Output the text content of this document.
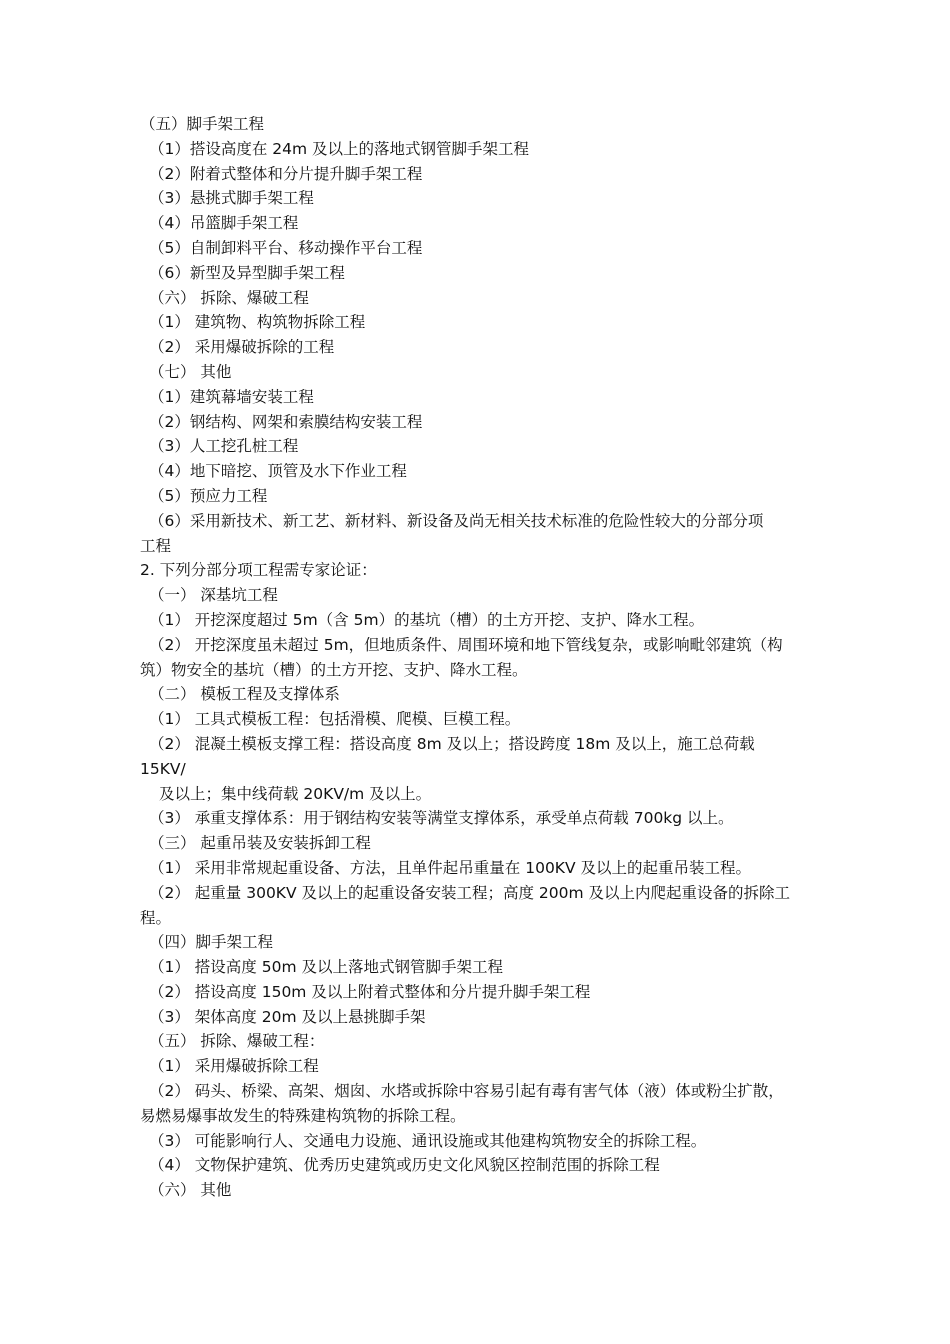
（五）脚手架工程
（1）搭设高度在 24m 及以上的落地式钢管脚手架工程
（2）附着式整体和分片提升脚手架工程
（3）悬挑式脚手架工程
（4）吊篮脚手架工程
（5）自制卸料平台、移动操作平台工程
（6）新型及异型脚手架工程
（六） 拆除、爆破工程
（1） 建筑物、构筑物拆除工程
（2） 采用爆破拆除的工程
（七） 其他
（1）建筑幕墙安装工程
（2）钢结构、网架和索膜结构安装工程
（3）人工挖孔桩工程
（4）地下暗挖、顶管及水下作业工程
（5）预应力工程
（6）采用新技术、新工艺、新材料、新设备及尚无相关技术标准的危险性较大的分部分项
工程
2. 下列分部分项工程需专家论证：
（一） 深基坑工程
（1） 开挖深度超过 5m（含 5m）的基坑（槽）的土方开挖、支护、降水工程。
（2） 开挖深度虽未超过 5m，但地质条件、周围环境和地下管线复杂，或影响毗邻建筑（构
筑）物安全的基坑（槽）的土方开挖、支护、降水工程。
（二） 模板工程及支撑体系
（1） 工具式模板工程：包括滑模、爬模、巨模工程。
（2） 混凝土模板支撑工程：搭设高度 8m 及以上；搭设跨度 18m 及以上，施工总荷载
15KV/
及以上；集中线荷载 20KV/m 及以上。
（3） 承重支撑体系：用于钢结构安装等满堂支撑体系，承受单点荷载 700kg 以上。
（三） 起重吊装及安装拆卸工程
（1） 采用非常规起重设备、方法，且单件起吊重量在 100KV 及以上的起重吊装工程。
（2） 起重量 300KV 及以上的起重设备安装工程；高度 200m 及以上内爬起重设备的拆除工
程。
（四）脚手架工程
（1） 搭设高度 50m 及以上落地式钢管脚手架工程
（2） 搭设高度 150m 及以上附着式整体和分片提升脚手架工程
（3） 架体高度 20m 及以上悬挑脚手架
（五） 拆除、爆破工程：
（1） 采用爆破拆除工程
（2） 码头、桥梁、高架、烟囱、水塔或拆除中容易引起有毒有害气体（液）体或粉尘扩散，
易燃易爆事故发生的特殊建构筑物的拆除工程。
（3） 可能影响行人、交通电力设施、通讯设施或其他建构筑物安全的拆除工程。
（4） 文物保护建筑、优秀历史建筑或历史文化风貌区控制范围的拆除工程
（六） 其他
